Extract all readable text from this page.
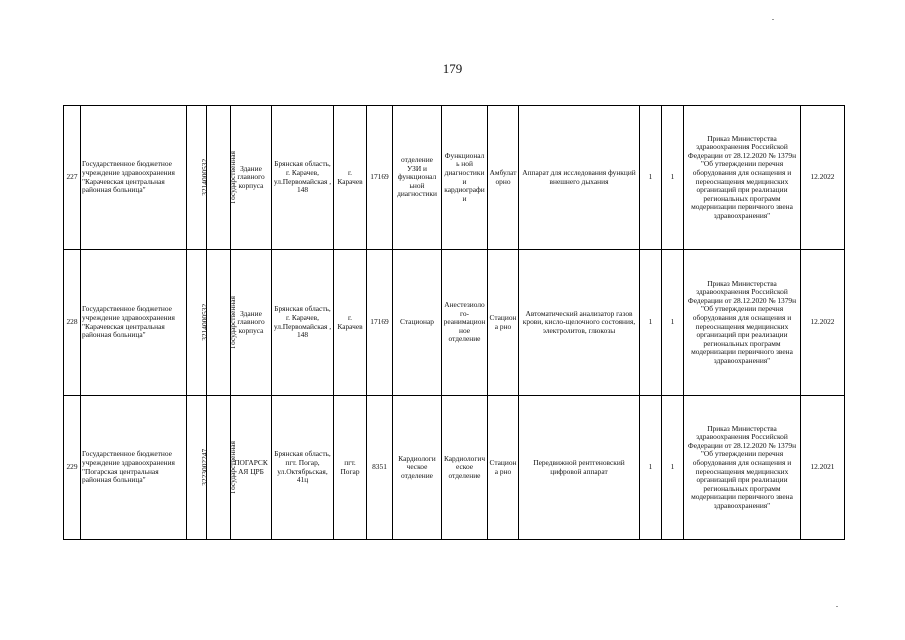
179
227	Государственное бюджетное учреждение здравоохранения "Карачевская центральная районная больница"	3214000532	Государственная	Здание главного корпуса	Брянская область, г. Карачев, ул.Первомайская , 148	г. Карачев	17169	отделение УЗИ и функционал ьной диагностики	Функциональ ной диагностики и кардиографи и	Амбулат орно	Аппарат для исследования функций внешнего дыхания	1	1	Приказ Министерства здравоохранения Российской Федерации от 28.12.2020 № 1379н "Об утверждении перечня оборудования для оснащения и переоснащения медицинских организаций при реализации региональных программ модернизации первичного звена здравоохранения"	12.2022
228	Государственное бюджетное учреждение здравоохранения "Карачевская центральная районная больница"	3214000532	Государственная	Здание главного корпуса	Брянская область, г. Карачев, ул.Первомайская , 148	г. Карачев	17169	Стационар	Анестезиоло го- реанимацион ное отделение	Стациона рно	Автоматический анализатор газов крови, кисло-щелочного состояния, электролитов, глюкозы	1	1	Приказ Министерства здравоохранения Российской Федерации от 28.12.2020 № 1379н "Об утверждении перечня оборудования для оснащения и переоснащения медицинских организаций при реализации региональных программ модернизации первичного звена здравоохранения"	12.2022
229	Государственное бюджетное учреждение здравоохранения "Погарская центральная районная больница"	3223002247	Государственная	ПОГАРСК АЯ ЦРБ	Брянская область, пгт. Погар, ул.Октябрьская, 41ц	пгт. Погар	8351	Кардиологи ческое отделение	Кардиологич еское отделение	Стациона рно	Передвижной рентгеновский цифровой аппарат	1	1	Приказ Министерства здравоохранения Российской Федерации от 28.12.2020 № 1379н "Об утверждении перечня оборудования для оснащения и переоснащения медицинских организаций при реализации региональных программ модернизации первичного звена здравоохранения"	12.2021
